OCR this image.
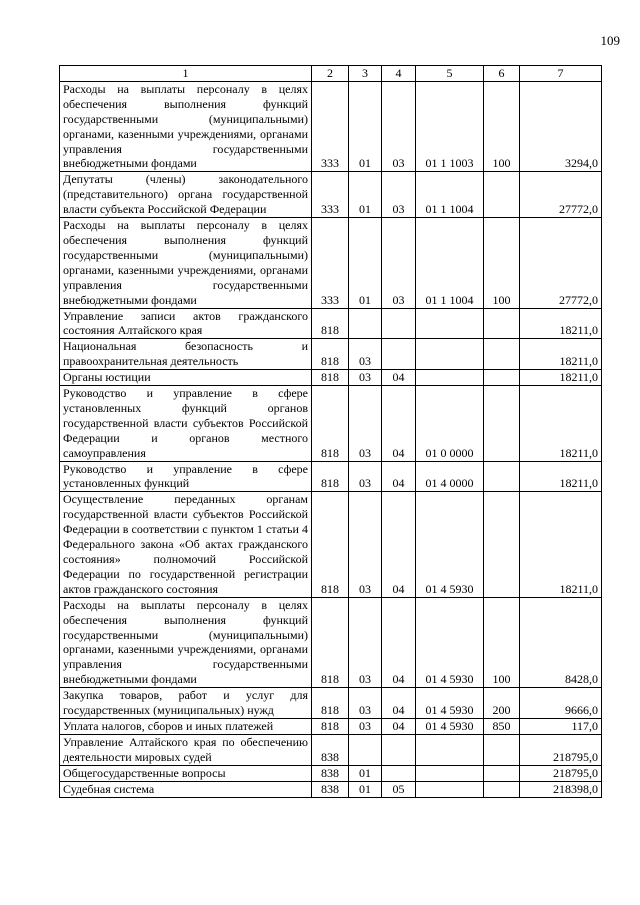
109
1	2	3	4	5	6	7
Расходы на выплаты персоналу в целях обеспечения выполнения функций государственными (муниципальными) органами, казенными учреждениями, органами управления государственными внебюджетными фондами	333	01	03	01 1 1003	100	3294,0
Депутаты (члены) законодательного (представительного) органа государственной власти субъекта Российской Федерации	333	01	03	01 1 1004		27772,0
Расходы на выплаты персоналу в целях обеспечения выполнения функций государственными (муниципальными) органами, казенными учреждениями, органами управления государственными внебюджетными фондами	333	01	03	01 1 1004	100	27772,0
Управление записи актов гражданского состояния Алтайского края	818					18211,0
Национальная безопасность и правоохранительная деятельность	818	03				18211,0
Органы юстиции	818	03	04			18211,0
Руководство и управление в сфере установленных функций органов государственной власти субъектов Российской Федерации и органов местного самоуправления	818	03	04	01 0 0000		18211,0
Руководство и управление в сфере установленных функций	818	03	04	01 4 0000		18211,0
Осуществление переданных органам государственной власти субъектов Российской Федерации в соответствии с пунктом 1 статьи 4 Федерального закона «Об актах гражданского состояния» полномочий Российской Федерации по государственной регистрации актов гражданского состояния	818	03	04	01 4 5930		18211,0
Расходы на выплаты персоналу в целях обеспечения выполнения функций государственными (муниципальными) органами, казенными учреждениями, органами управления государственными внебюджетными фондами	818	03	04	01 4 5930	100	8428,0
Закупка товаров, работ и услуг для государственных (муниципальных) нужд	818	03	04	01 4 5930	200	9666,0
Уплата налогов, сборов и иных платежей	818	03	04	01 4 5930	850	117,0
Управление Алтайского края по обеспечению деятельности мировых судей	838					218795,0
Общегосударственные вопросы	838	01				218795,0
Судебная система	838	01	05			218398,0
